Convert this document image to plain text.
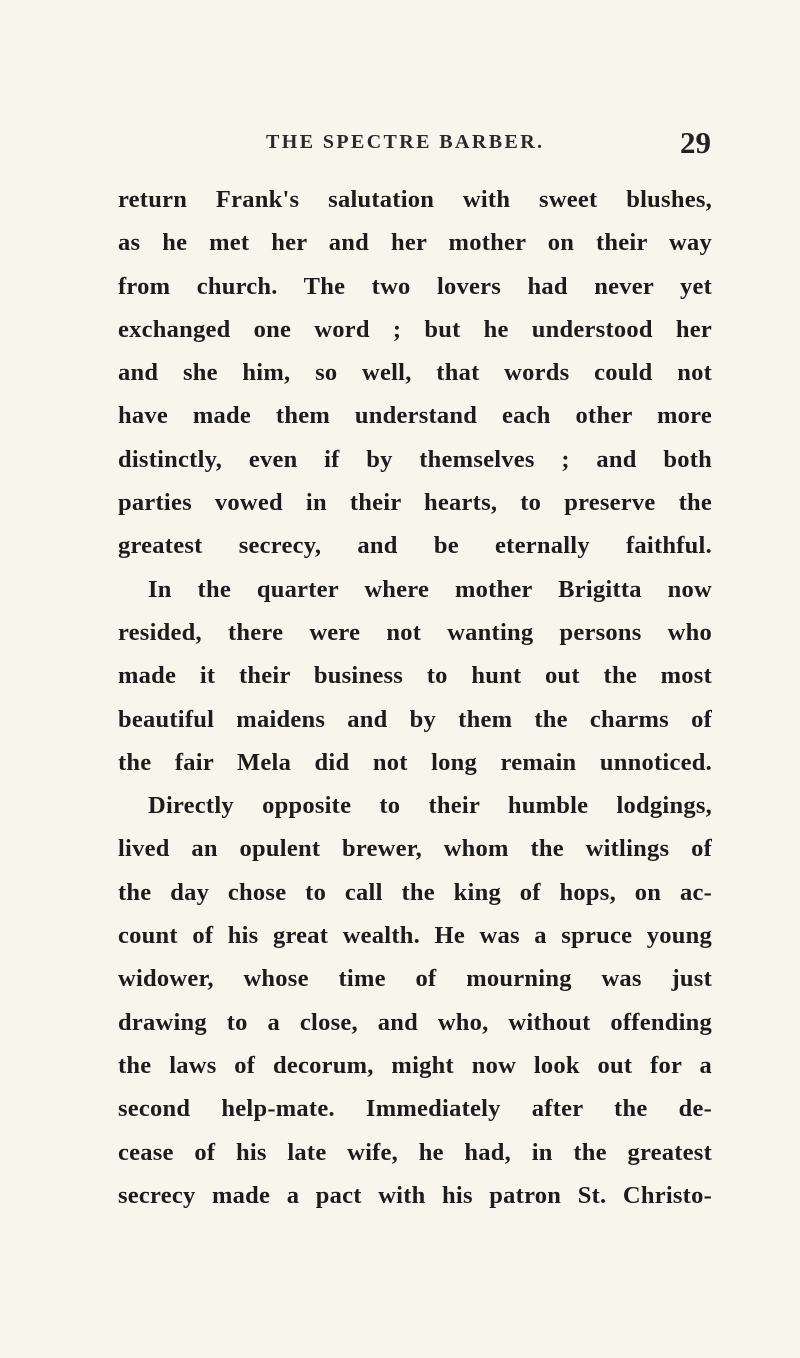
THE SPECTRE BARBER.	29
return Frank's salutation with sweet blushes,
as he met her and her mother on their way
from church. The two lovers had never yet
exchanged one word ; but he understood her
and she him, so well, that words could not
have made them understand each other more
distinctly, even if by themselves ; and both
parties vowed in their hearts, to preserve the
greatest secrecy, and be eternally faithful.
In the quarter where mother Brigitta now
resided, there were not wanting persons who
made it their business to hunt out the most
beautiful maidens and by them the charms of
the fair Mela did not long remain unnoticed.
Directly opposite to their humble lodgings,
lived an opulent brewer, whom the witlings of
the day chose to call the king of hops, on ac-
count of his great wealth. He was a spruce young
widower, whose time of mourning was just
drawing to a close, and who, without offending
the laws of decorum, might now look out for a
second help-mate. Immediately after the de-
cease of his late wife, he had, in the greatest
secrecy made a pact with his patron St. Christo-
